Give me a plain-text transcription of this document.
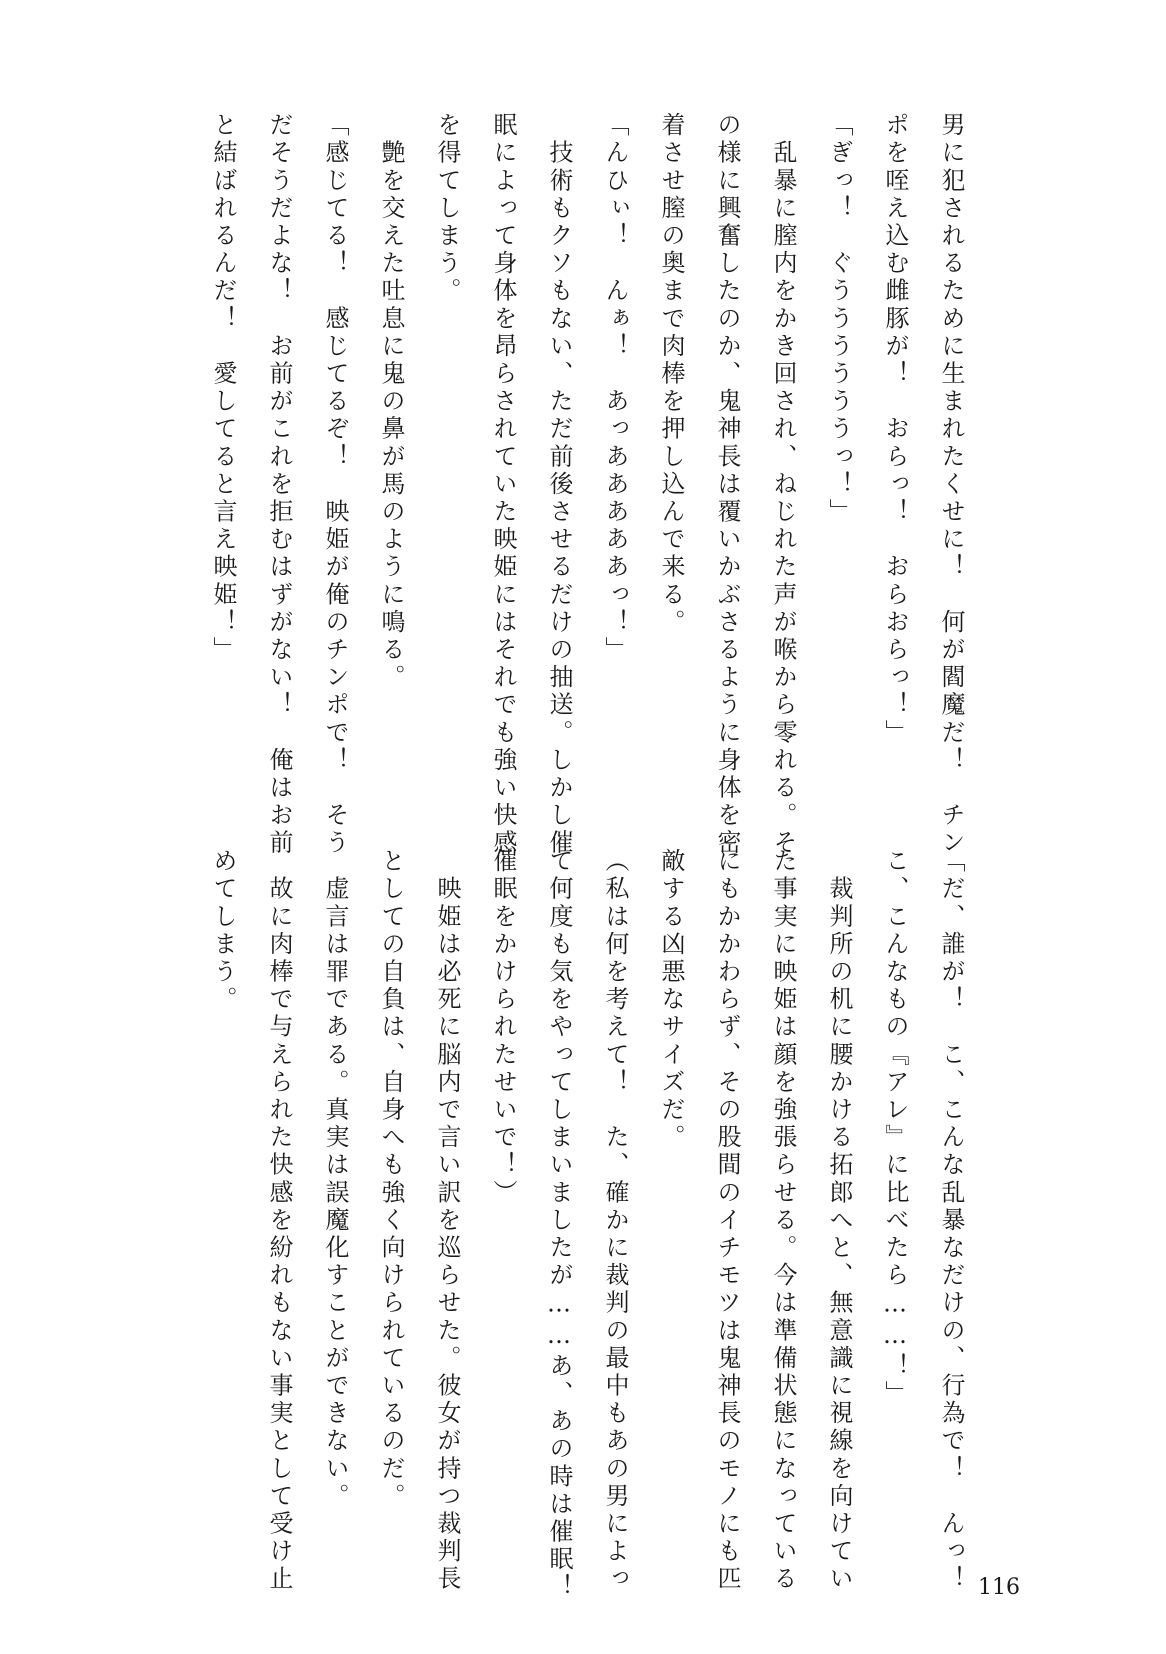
男に犯されるために生まれたくせに！　何が閻魔だ！　チン
ポを咥え込む雌豚が！　おらっ！　おらおらっ！」
「ぎっ！　ぐううううううっ！」
　乱暴に膣内をかき回され、ねじれた声が喉から零れる。そ
の様に興奮したのか、鬼神長は覆いかぶさるように身体を密
着させ膣の奥まで肉棒を押し込んで来る。
「んひぃ！　んぁ！　あっあああああっ！」
　技術もクソもない、ただ前後させるだけの抽送。しかし催
眠によって身体を昂らされていた映姫にはそれでも強い快感
を得てしまう。
　艶を交えた吐息に鬼の鼻が馬のように鳴る。
「感じてる！　感じてるぞ！　映姫が俺のチンポで！　そう
だそうだよな！　お前がこれを拒むはずがない！　俺はお前
と結ばれるんだ！　愛してると言え映姫！」
「だ、誰が！　こ、こんな乱暴なだけの、行為で！　んっ！
こ、こんなもの『アレ』に比べたら……！」
　裁判所の机に腰かける拓郎へと、無意識に視線を向けてい
た事実に映姫は顔を強張らせる。今は準備状態になっている
にもかかわらず、その股間のイチモツは鬼神長のモノにも匹
敵する凶悪なサイズだ。
（私は何を考えて！　た、確かに裁判の最中もあの男によっ
て何度も気をやってしまいましたが……あ、あの時は催眠！
催眠をかけられたせいで！）
　映姫は必死に脳内で言い訳を巡らせた。彼女が持つ裁判長
としての自負は、自身へも強く向けられているのだ。
　虚言は罪である。真実は誤魔化すことができない。
　故に肉棒で与えられた快感を紛れもない事実として受け止
めてしまう。
116
